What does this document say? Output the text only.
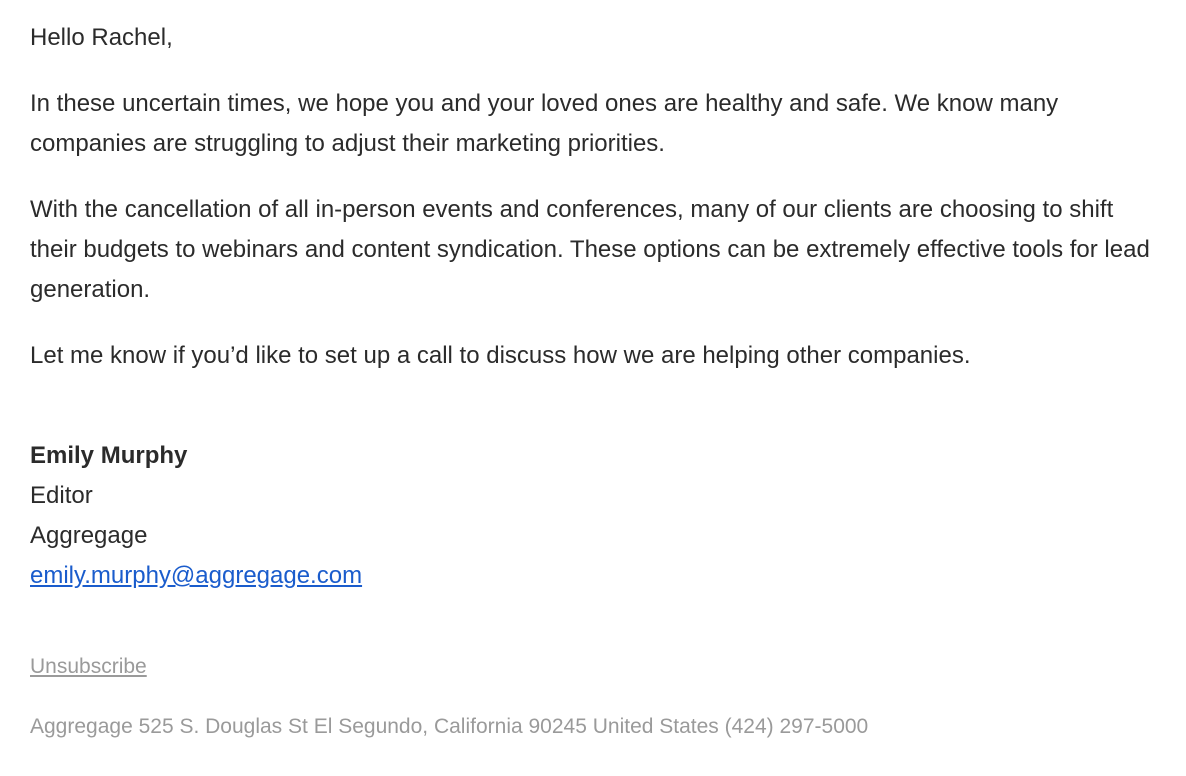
Hello Rachel,

In these uncertain times, we hope you and your loved ones are healthy and safe. We know many companies are struggling to adjust their marketing priorities.

With the cancellation of all in-person events and conferences, many of our clients are choosing to shift their budgets to webinars and content syndication. These options can be extremely effective tools for lead generation.

Let me know if you’d like to set up a call to discuss how we are helping other companies.

Emily Murphy
Editor
Aggregage
emily.murphy@aggregage.com
Unsubscribe
Aggregage 525 S. Douglas St El Segundo, California 90245 United States (424) 297-5000
